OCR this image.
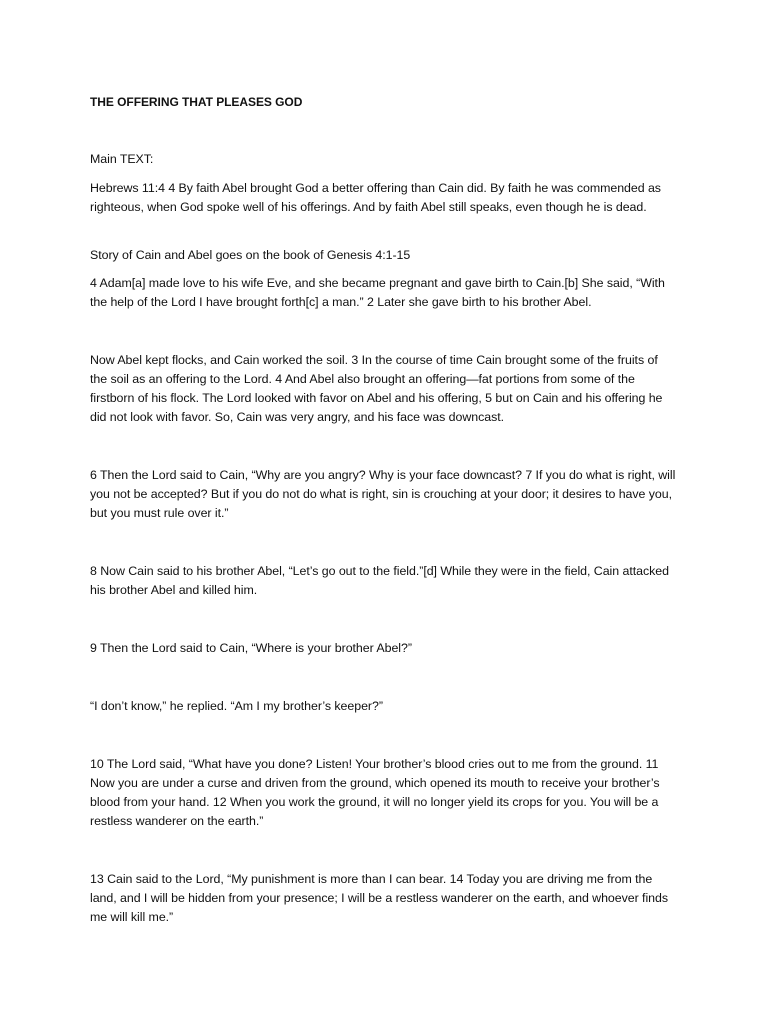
THE OFFERING THAT PLEASES GOD

Main TEXT:

Hebrews 11:4 4 By faith Abel brought God a better offering than Cain did. By faith he was commended as righteous, when God spoke well of his offerings. And by faith Abel still speaks, even though he is dead.

Story of Cain and Abel goes on the book of Genesis 4:1-15

4 Adam[a] made love to his wife Eve, and she became pregnant and gave birth to Cain.[b] She said, “With the help of the Lord I have brought forth[c] a man.” 2 Later she gave birth to his brother Abel.

Now Abel kept flocks, and Cain worked the soil. 3 In the course of time Cain brought some of the fruits of the soil as an offering to the Lord. 4 And Abel also brought an offering—fat portions from some of the firstborn of his flock. The Lord looked with favor on Abel and his offering, 5 but on Cain and his offering he did not look with favor. So, Cain was very angry, and his face was downcast.

6 Then the Lord said to Cain, “Why are you angry? Why is your face downcast? 7 If you do what is right, will you not be accepted? But if you do not do what is right, sin is crouching at your door; it desires to have you, but you must rule over it.”

8 Now Cain said to his brother Abel, “Let’s go out to the field.”[d] While they were in the field, Cain attacked his brother Abel and killed him.

9 Then the Lord said to Cain, “Where is your brother Abel?”

“I don’t know,” he replied. “Am I my brother’s keeper?”

10 The Lord said, “What have you done? Listen! Your brother’s blood cries out to me from the ground. 11 Now you are under a curse and driven from the ground, which opened its mouth to receive your brother’s blood from your hand. 12 When you work the ground, it will no longer yield its crops for you. You will be a restless wanderer on the earth.”

13 Cain said to the Lord, “My punishment is more than I can bear. 14 Today you are driving me from the land, and I will be hidden from your presence; I will be a restless wanderer on the earth, and whoever finds me will kill me.”
